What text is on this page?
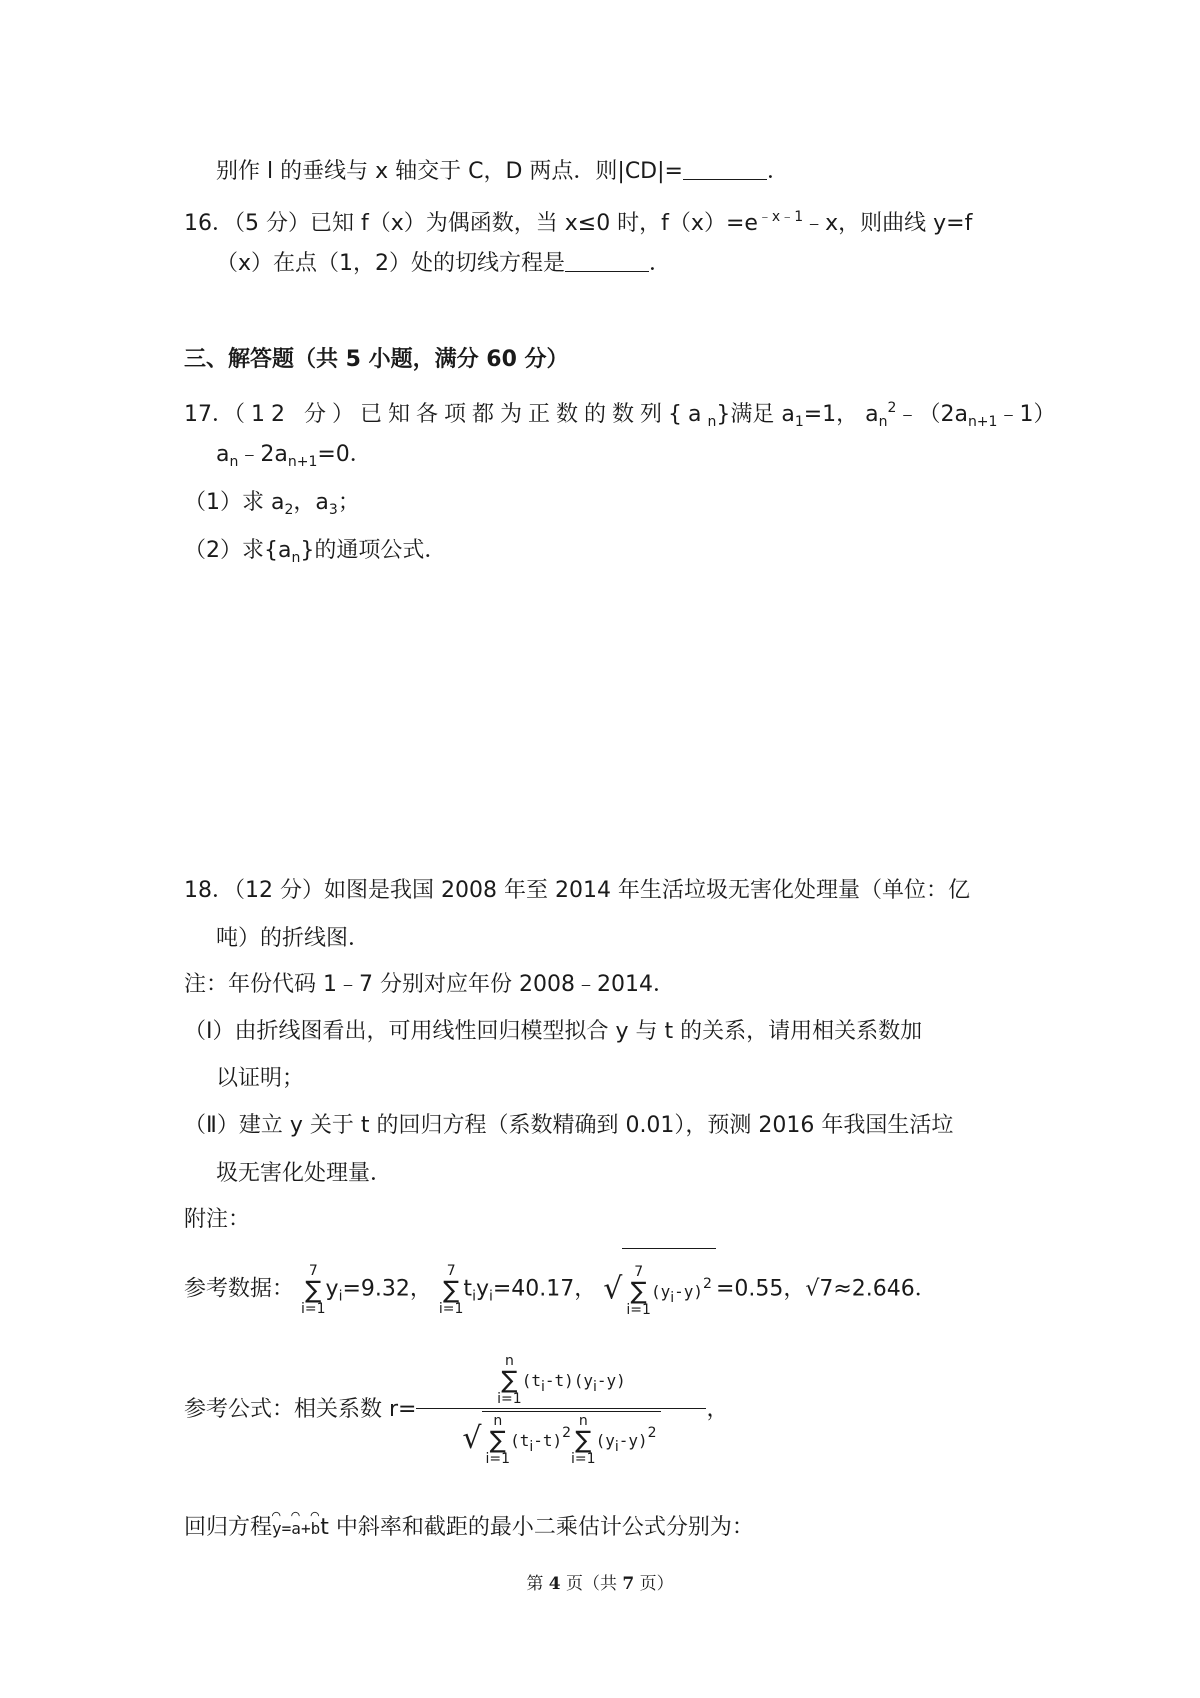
别作 l 的垂线与 x 轴交于 C，D 两点．则|CD|=	．
16．（5 分）已知 f（x）为偶函数，当 x≤0 时，$f(x)=e^{﹣x﹣1}﹣x$，则曲线 y=f
（x）在点（1，2）处的切线方程是	．
三、解答题（共 5 小题，满分 60 分）
17．（12 分）已知各项都为正数的数列$\{a_n\}$满足 $a_1=1$， $a_n^2﹣(2a_{n+1}﹣1)$
$a_n﹣2a_{n+1}=0$．
（1）求 $a_2$，$a_3$；
（2）求$\{a_n\}$的通项公式．
18．（12 分）如图是我国 2008 年至 2014 年生活垃圾无害化处理量（单位：亿
吨）的折线图．
注：年份代码 1﹣7 分别对应年份 2008﹣2014．
（Ⅰ）由折线图看出，可用线性回归模型拟合 y 与 t 的关系，请用相关系数加
以证明；
（Ⅱ）建立 y 关于 t 的回归方程（系数精确到 0.01），预测 2016 年我国生活垃
圾无害化处理量．
附注：
参考数据：
7
∑
i=1
$y_i=9.32$，
7
∑
i=1
$t_iy_i=40.17$， √ 7
∑
i=1
$(y_i-y)^2 =0.55$，√7≈2.646．
参考公式：相关系数 r= n
∑
i=1
$(t_i-t)(y_i-y)$
√ n
∑
i=1
$(t_i-t)^2$
n
∑
i=1
$(y_i-y)^2$ ，
回归方程⌒ y=⌒ a+⌒ bt 中斜率和截距的最小二乘估计公式分别为：
第 4 页（共 7 页）
